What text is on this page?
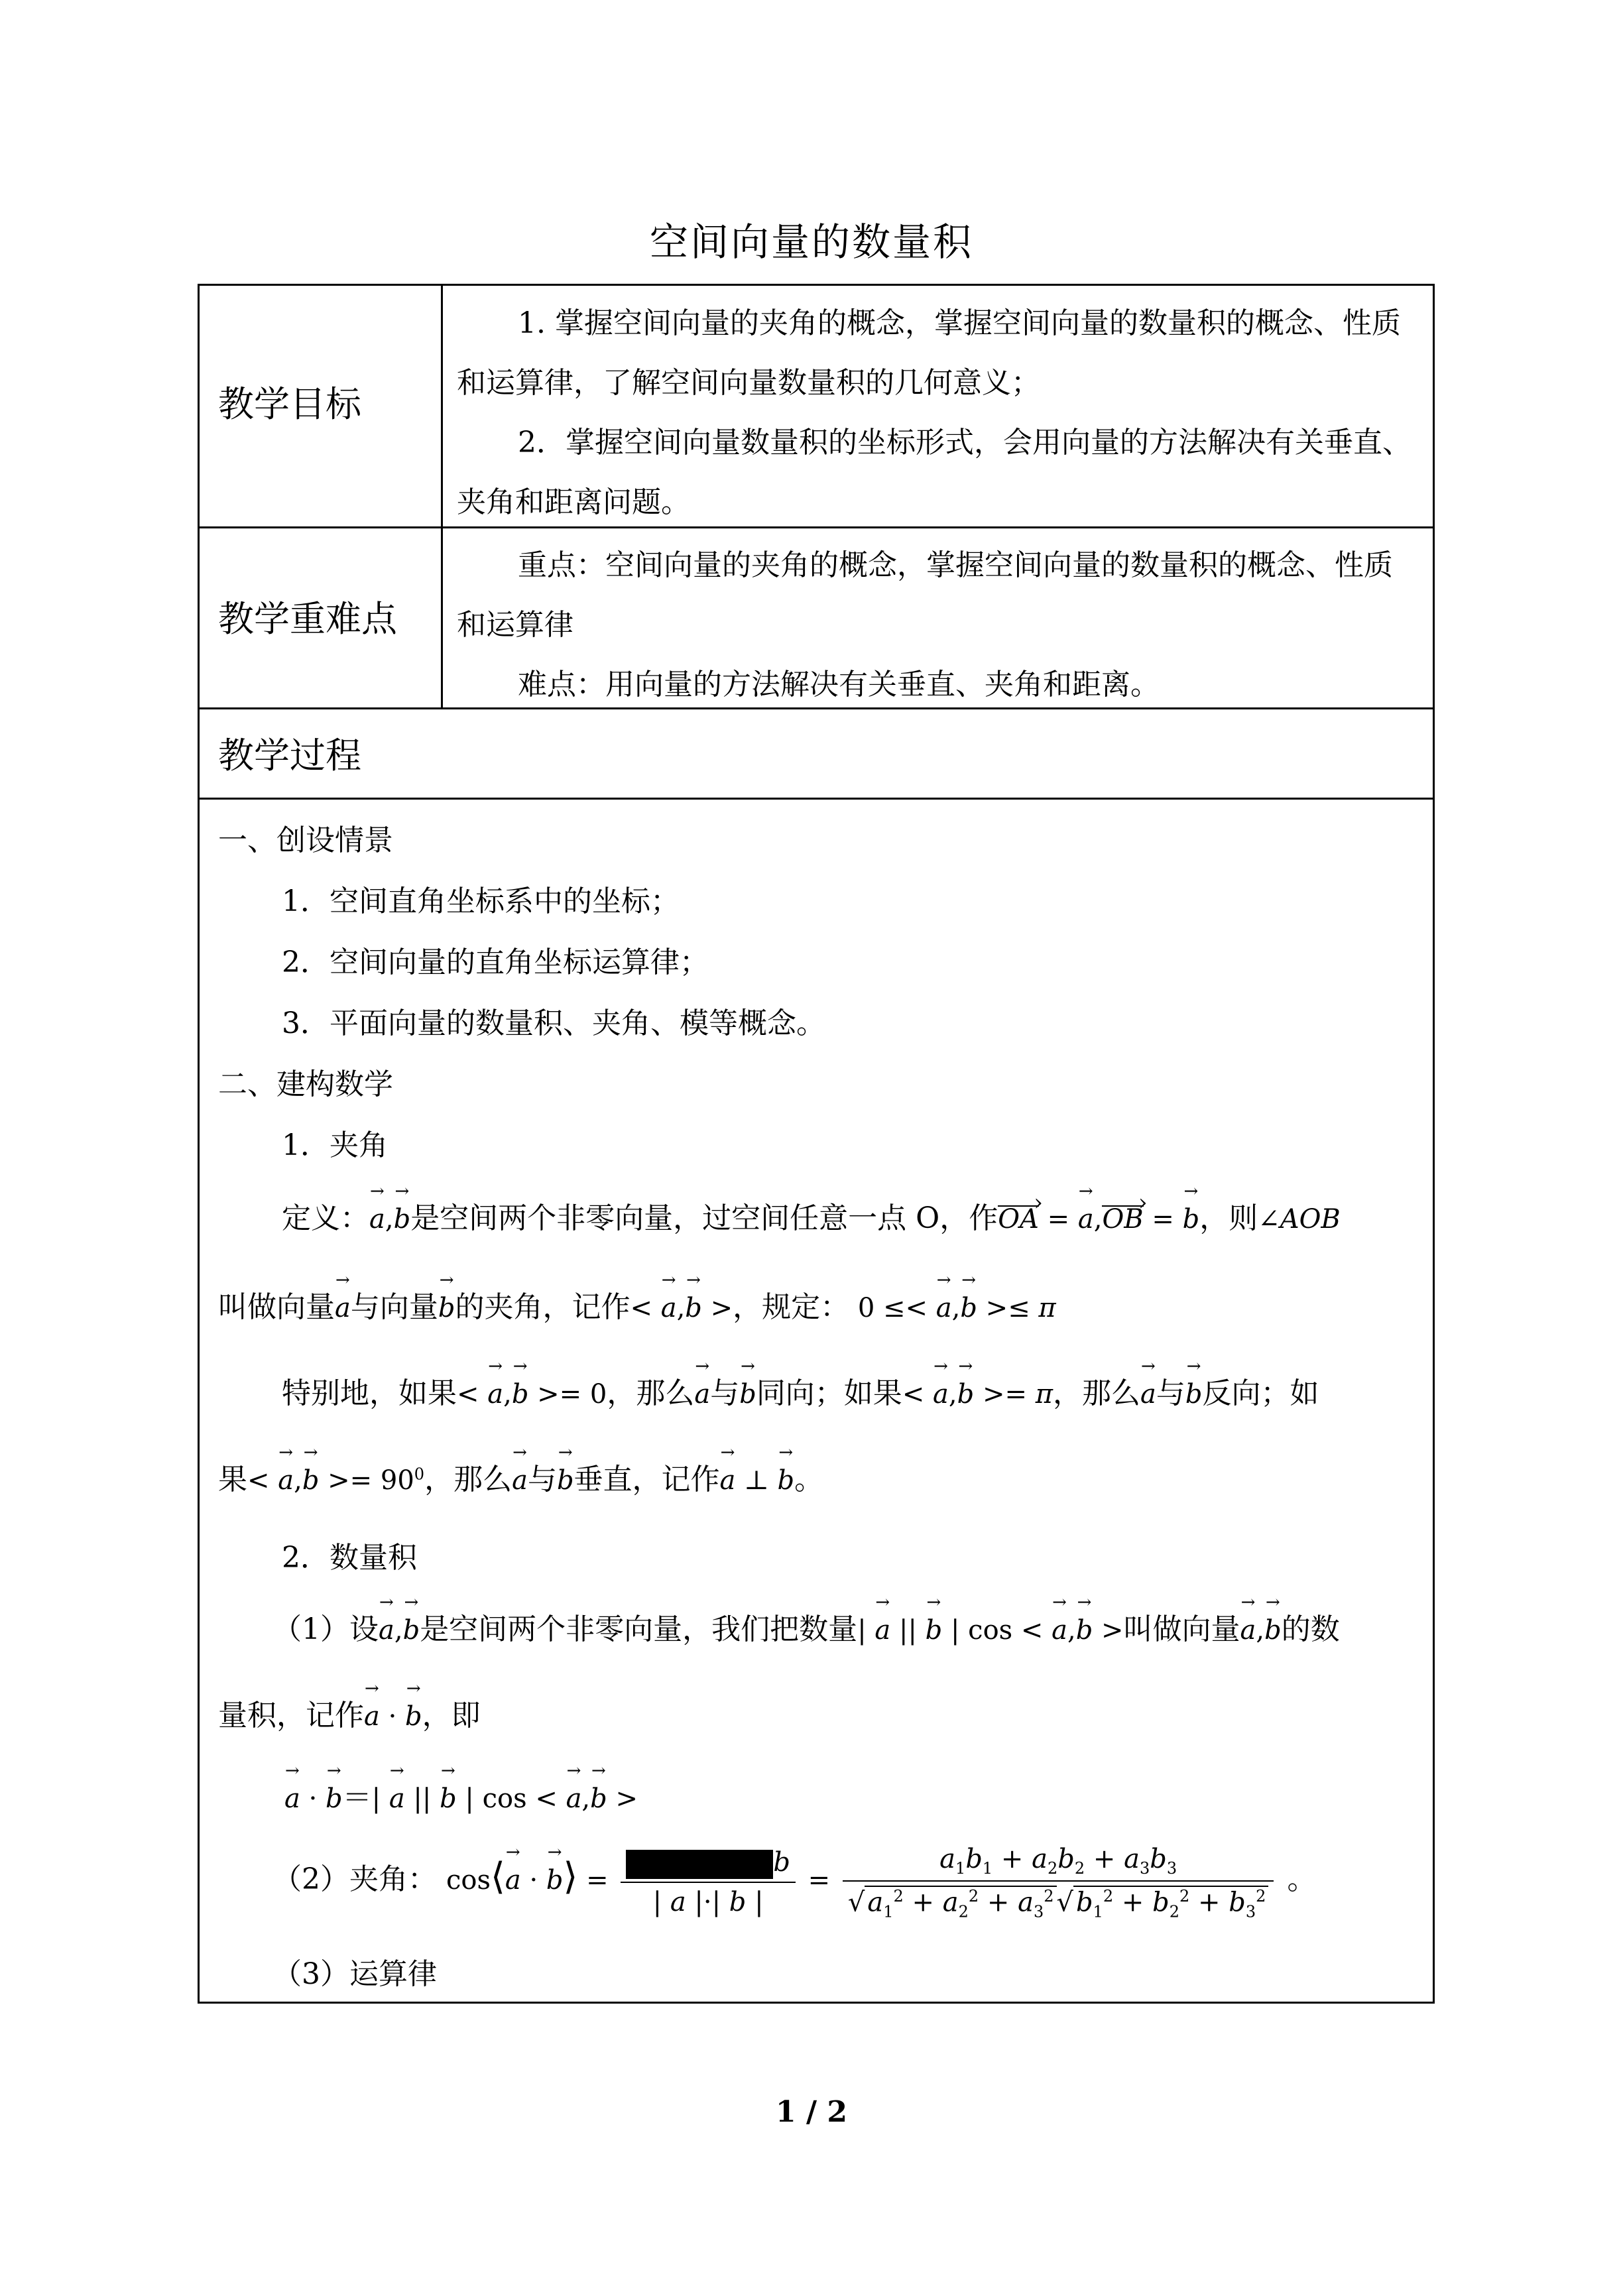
空间向量的数量积
教学目标

1. 掌握空间向量的夹角的概念，掌握空间向量的数量积的概念、性质和运算律，了解空间向量数量积的几何意义；

2．掌握空间向量数量积的坐标形式，会用向量的方法解决有关垂直、夹角和距离问题。

教学重难点

重点：空间向量的夹角的概念，掌握空间向量的数量积的概念、性质和运算律

难点：用向量的方法解决有关垂直、夹角和距离。

教学过程
一、创设情景
1．空间直角坐标系中的坐标；
2．空间向量的直角坐标运算律；
3．平面向量的数量积、夹角、模等概念。
二、建构数学
1．夹角
定义：→ a,→ b是空间两个非零向量，过空间任意一点 O，作OA › = → a,OB › = → b，则∠AOB
叫做向量→ a与向量→ b的夹角，记作< → a,→ b >，规定： 0 ≤< → a,→ b >≤ π
特别地，如果< → a,→ b >= 0，那么→ a与→ b同向；如果< → a,→ b >= π，那么→ a与→ b反向；如
果< → $a,\to b >= 90^0$，那么→ a与→ b垂直，记作→ a ⊥ → b。
2．数量积
（1）设→ a,→ b是空间两个非零向量，我们把数量| → a || → b | cos < → a,→ b >叫做向量→ a,→ b的数
量积，记作→ a · → b，即
→ a · → b＝| → a || → b | cos < → a,→ b >
（2）夹角： cos⟨→ a · → b⟩ = $\frac{b}{| a |\cdot| b |} = \frac{a_1b_1 + a_2b_2 + a_3b_3}{√ a_1^2 + a_2^2 + a_3^2 √ b_1^2 + b_2^2 + b_3^2}$ 。
（3）运算律
1 / 2
